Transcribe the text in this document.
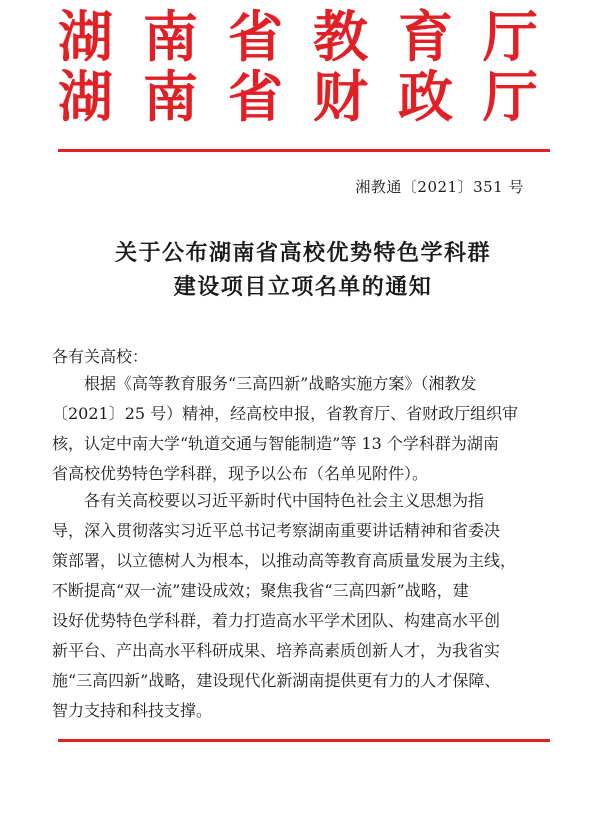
湖 南 省 教 育 厅
湖 南 省 财 政 厅
湘教通〔2021〕351 号
关于公布湖南省高校优势特色学科群
建设项目立项名单的通知
各有关高校：
根据《高等教育服务“三高四新”战略实施方案》（湘教发
〔2021〕25 号）精神，经高校申报，省教育厅、省财政厅组织审
核，认定中南大学“轨道交通与智能制造”等 13 个学科群为湖南
省高校优势特色学科群，现予以公布（名单见附件）。
各有关高校要以习近平新时代中国特色社会主义思想为指
导，深入贯彻落实习近平总书记考察湖南重要讲话精神和省委决
策部署，以立德树人为根本，以推动高等教育高质量发展为主线，
不断提高“双一流”建设成效；聚焦我省“三高四新”战略，建
设好优势特色学科群，着力打造高水平学术团队、构建高水平创
新平台、产出高水平科研成果、培养高素质创新人才，为我省实
施“三高四新”战略，建设现代化新湖南提供更有力的人才保障、
智力支持和科技支撑。
